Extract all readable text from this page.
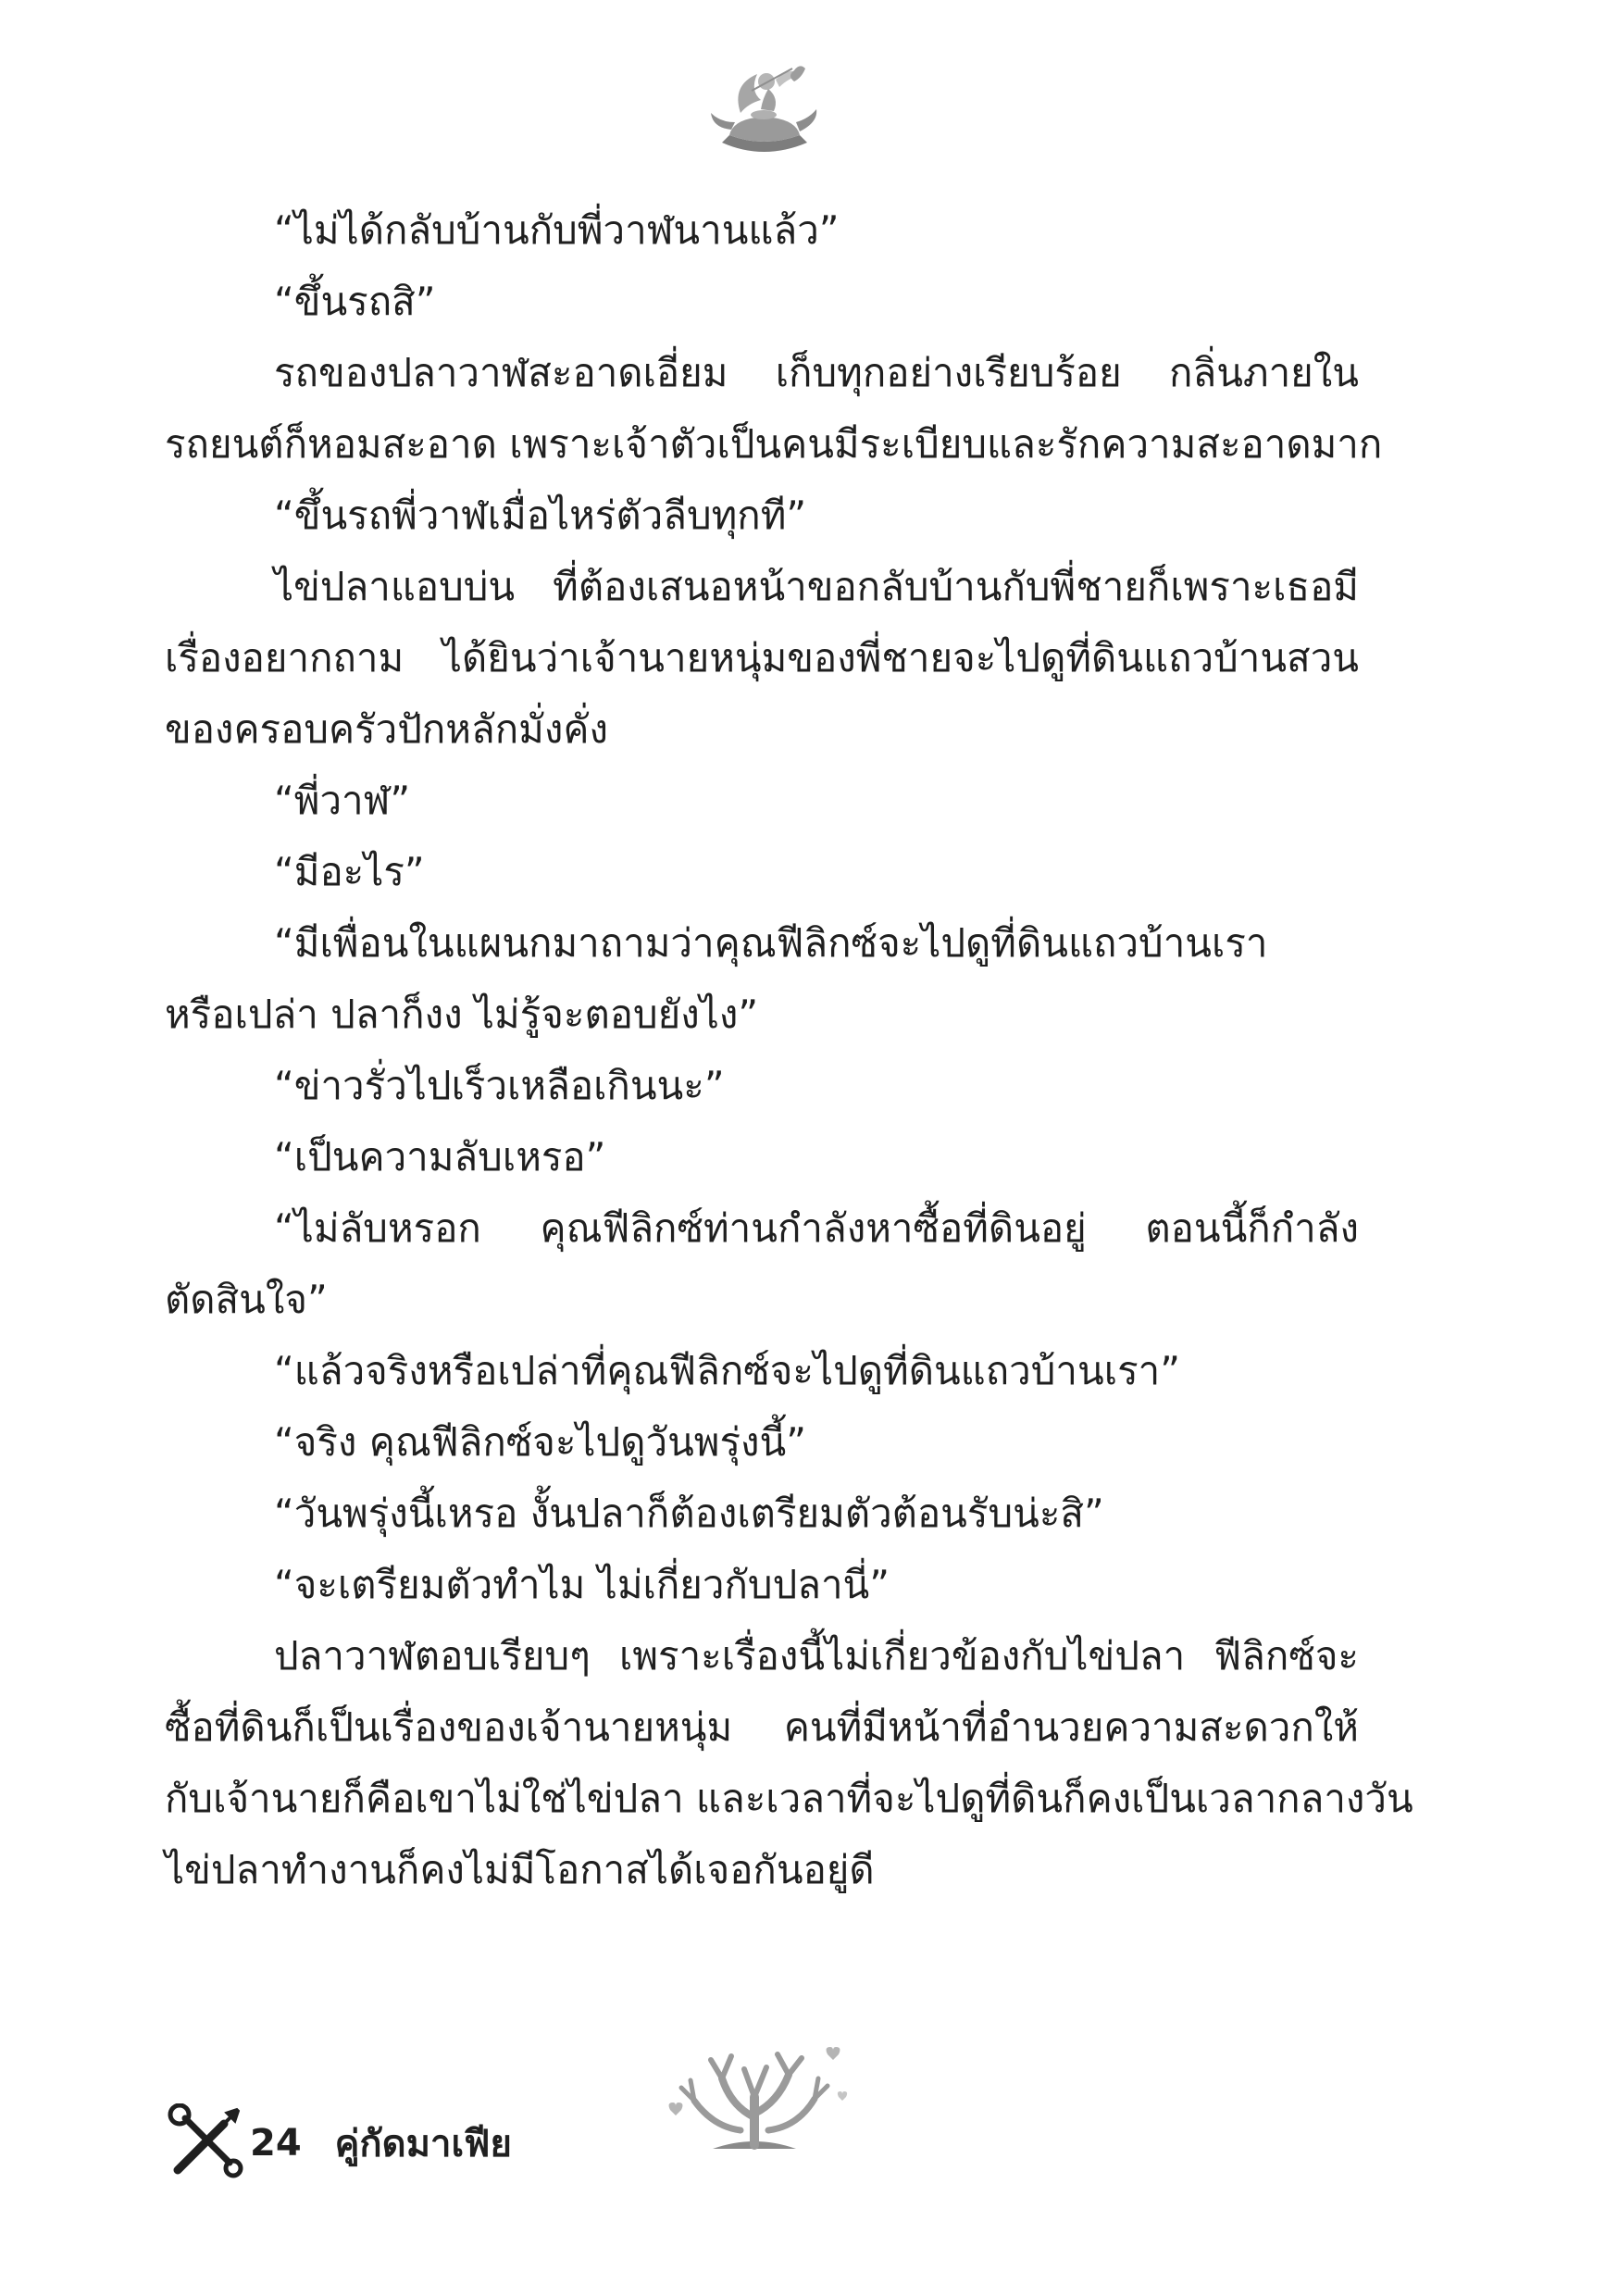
“ไม่ได้กลับบ้านกับพี่วาฬนานแล้ว”
“ขึ้นรถสิ”
รถของปลาวาฬสะอาดเอี่ยม เก็บทุกอย่างเรียบร้อย กลิ่นภายใน
รถยนต์ก็หอมสะอาด เพราะเจ้าตัวเป็นคนมีระเบียบและรักความสะอาดมาก
“ขึ้นรถพี่วาฬเมื่อไหร่ตัวลีบทุกที”
ไข่ปลาแอบบ่น ที่ต้องเสนอหน้าขอกลับบ้านกับพี่ชายก็เพราะเธอมี
เรื่องอยากถาม ได้ยินว่าเจ้านายหนุ่มของพี่ชายจะไปดูที่ดินแถวบ้านสวน
ของครอบครัวปักหลักมั่งคั่ง
“พี่วาฬ”
“มีอะไร”
“มีเพื่อนในแผนกมาถามว่าคุณฟีลิกซ์จะไปดูที่ดินแถวบ้านเรา
หรือเปล่า ปลาก็งง ไม่รู้จะตอบยังไง”
“ข่าวรั่วไปเร็วเหลือเกินนะ”
“เป็นความลับเหรอ”
“ไม่ลับหรอก คุณฟีลิกซ์ท่านกำลังหาซื้อที่ดินอยู่ ตอนนี้ก็กำลัง
ตัดสินใจ”
“แล้วจริงหรือเปล่าที่คุณฟีลิกซ์จะไปดูที่ดินแถวบ้านเรา”
“จริง คุณฟีลิกซ์จะไปดูวันพรุ่งนี้”
“วันพรุ่งนี้เหรอ งั้นปลาก็ต้องเตรียมตัวต้อนรับน่ะสิ”
“จะเตรียมตัวทำไม ไม่เกี่ยวกับปลานี่”
ปลาวาฬตอบเรียบๆ เพราะเรื่องนี้ไม่เกี่ยวข้องกับไข่ปลา ฟีลิกซ์จะ
ซื้อที่ดินก็เป็นเรื่องของเจ้านายหนุ่ม คนที่มีหน้าที่อำนวยความสะดวกให้
กับเจ้านายก็คือเขาไม่ใช่ไข่ปลา และเวลาที่จะไปดูที่ดินก็คงเป็นเวลากลางวัน
ไข่ปลาทำงานก็คงไม่มีโอกาสได้เจอกันอยู่ดี
24 คู่กัดมาเฟีย
